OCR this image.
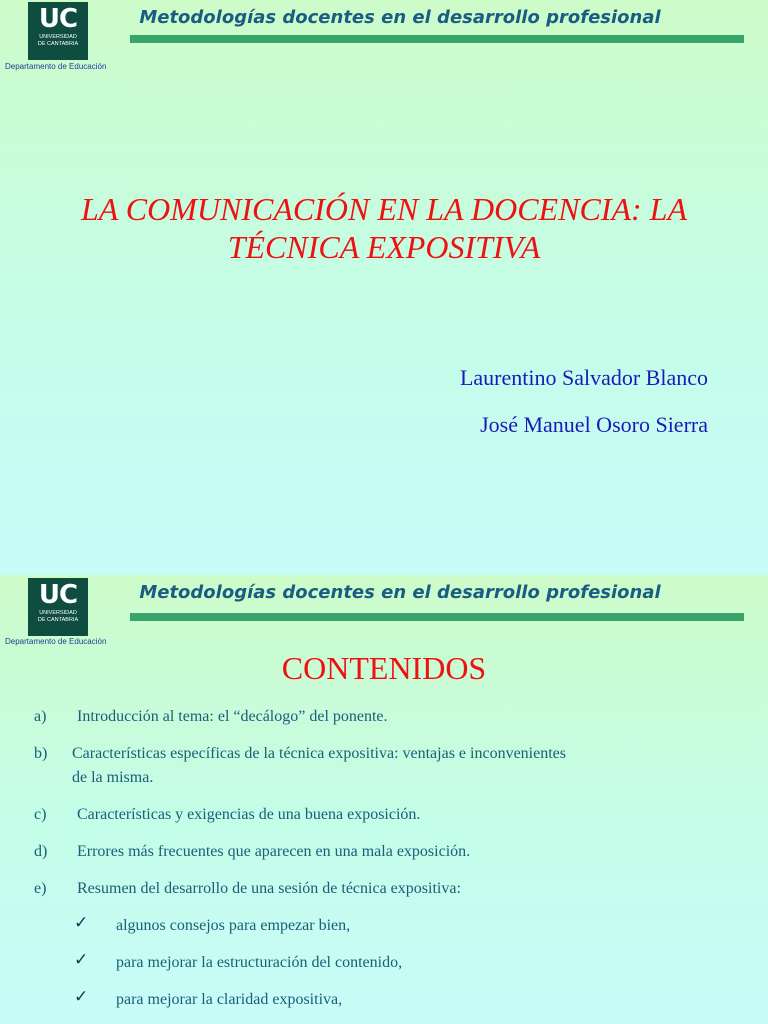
UC
UNIVERSIDAD
DE CANTABRIA
Departamento de Educación
Metodologías docentes en el desarrollo profesional
LA COMUNICACIÓN EN LA DOCENCIA: LA TÉCNICA EXPOSITIVA
Laurentino Salvador Blanco
José Manuel Osoro Sierra
UC
UNIVERSIDAD
DE CANTABRIA
Departamento de Educación
Metodologías docentes en el desarrollo profesional
CONTENIDOS
a) Introducción al tema: el “decálogo” del ponente.
b) Características específicas de la técnica expositiva: ventajas e inconvenientes
de la misma.
c) Características y exigencias de una buena exposición.
d) Errores más frecuentes que aparecen en una mala exposición.
e) Resumen del desarrollo de una sesión de técnica expositiva:
✓ algunos consejos para empezar bien,
✓ para mejorar la estructuración del contenido,
✓ para mejorar la claridad expositiva,
